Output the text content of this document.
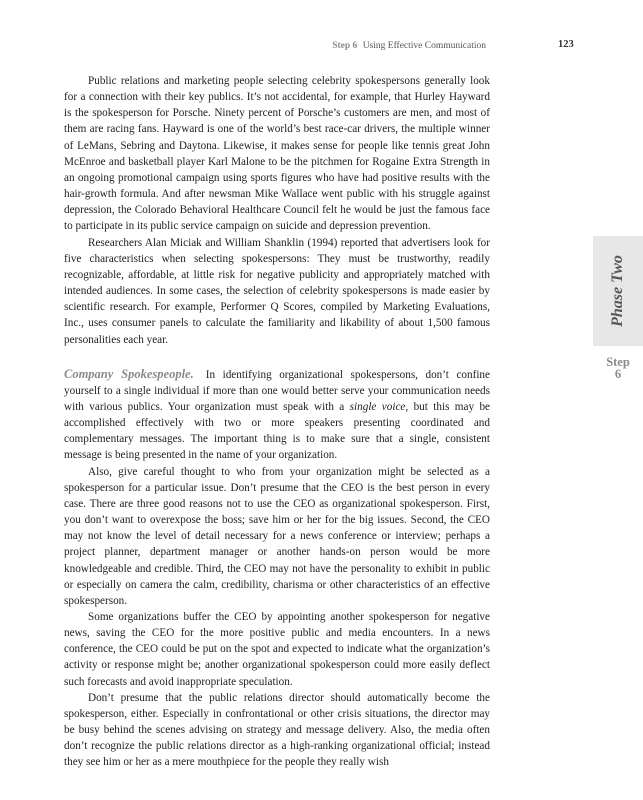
Step 6 Using Effective Communication	123

Public relations and marketing people selecting celebrity spokespersons generally look for a connection with their key publics. It’s not accidental, for example, that Hurley Hayward is the spokesperson for Porsche. Ninety percent of Porsche’s customers are men, and most of them are racing fans. Hayward is one of the world’s best race-car drivers, the multiple winner of LeMans, Sebring and Daytona. Likewise, it makes sense for people like tennis great John McEnroe and basketball player Karl Malone to be the pitchmen for Rogaine Extra Strength in an ongoing promotional campaign using sports figures who have had positive results with the hair-growth formula. And after newsman Mike Wallace went public with his struggle against depression, the Colorado Behavioral Healthcare Council felt he would be just the famous face to participate in its public service campaign on suicide and depression prevention.

Researchers Alan Miciak and William Shanklin (1994) reported that advertisers look for five characteristics when selecting spokespersons: They must be trustworthy, readily recognizable, affordable, at little risk for negative publicity and appropriately matched with intended audiences. In some cases, the selection of celebrity spokespersons is made easier by scientific research. For example, Performer Q Scores, compiled by Marketing Evaluations, Inc., uses consumer panels to calculate the familiarity and likability of about 1,500 famous personalities each year.

Company Spokespeople. In identifying organizational spokespersons, don’t confine yourself to a single individual if more than one would better serve your communication needs with various publics. Your organization must speak with a single voice, but this may be accomplished effectively with two or more speakers presenting coordinated and complementary messages. The important thing is to make sure that a single, consistent message is being presented in the name of your organization.

Also, give careful thought to who from your organization might be selected as a spokesperson for a particular issue. Don’t presume that the CEO is the best person in every case. There are three good reasons not to use the CEO as organizational spokesperson. First, you don’t want to overexpose the boss; save him or her for the big issues. Second, the CEO may not know the level of detail necessary for a news conference or interview; perhaps a project planner, department manager or another hands-on person would be more knowledgeable and credible. Third, the CEO may not have the personality to exhibit in public or especially on camera the calm, credibility, charisma or other characteristics of an effective spokesperson.

Some organizations buffer the CEO by appointing another spokesperson for negative news, saving the CEO for the more positive public and media encounters. In a news conference, the CEO could be put on the spot and expected to indicate what the organization’s activity or response might be; another organizational spokesperson could more easily deflect such forecasts and avoid inappropriate speculation.

Don’t presume that the public relations director should automatically become the spokesperson, either. Especially in confrontational or other crisis situations, the director may be busy behind the scenes advising on strategy and message delivery. Also, the media often don’t recognize the public relations director as a high-ranking organizational official; instead they see him or her as a mere mouthpiece for the people they really wish

Phase Two
Step
6
